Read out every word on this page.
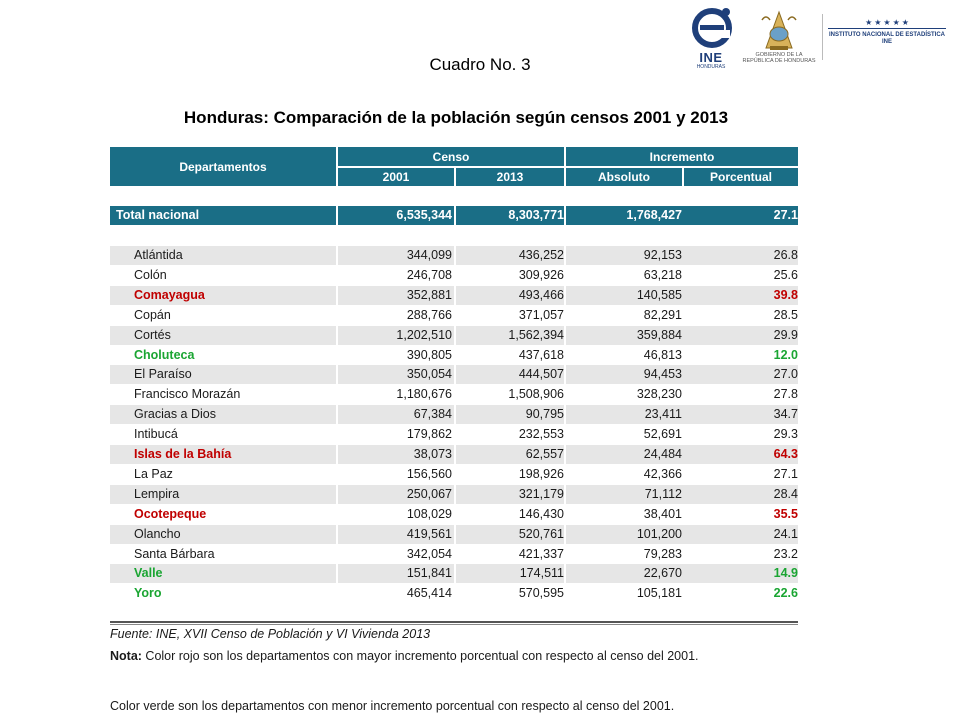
INE
HONDURAS
GOBIERNO DE LA REPÚBLICA DE HONDURAS
★★★★★
INSTITUTO NACIONAL DE ESTADÍSTICA INE
Cuadro No. 3
Honduras: Comparación de la población según censos 2001 y 2013
Departamentos
Censo	Incremento
2001	2013	Absoluto	Porcentual
Total nacional	6,535,344	8,303,771	1,768,427	27.1
Atlántida	344,099	436,252	92,153	26.8
Colón	246,708	309,926	63,218	25.6
Comayagua	352,881	493,466	140,585	39.8
Copán	288,766	371,057	82,291	28.5
Cortés	1,202,510	1,562,394	359,884	29.9
Choluteca	390,805	437,618	46,813	12.0
El Paraíso	350,054	444,507	94,453	27.0
Francisco Morazán	1,180,676	1,508,906	328,230	27.8
Gracias a Dios	67,384	90,795	23,411	34.7
Intibucá	179,862	232,553	52,691	29.3
Islas de la Bahía	38,073	62,557	24,484	64.3
La Paz	156,560	198,926	42,366	27.1
Lempira	250,067	321,179	71,112	28.4
Ocotepeque	108,029	146,430	38,401	35.5
Olancho	419,561	520,761	101,200	24.1
Santa Bárbara	342,054	421,337	79,283	23.2
Valle	151,841	174,511	22,670	14.9
Yoro	465,414	570,595	105,181	22.6
Fuente: INE, XVII Censo de Población y VI Vivienda 2013
Nota: Color rojo son los departamentos con mayor incremento porcentual con respecto al censo del 2001.
Color verde son los departamentos con menor incremento porcentual con respecto al censo del 2001.
